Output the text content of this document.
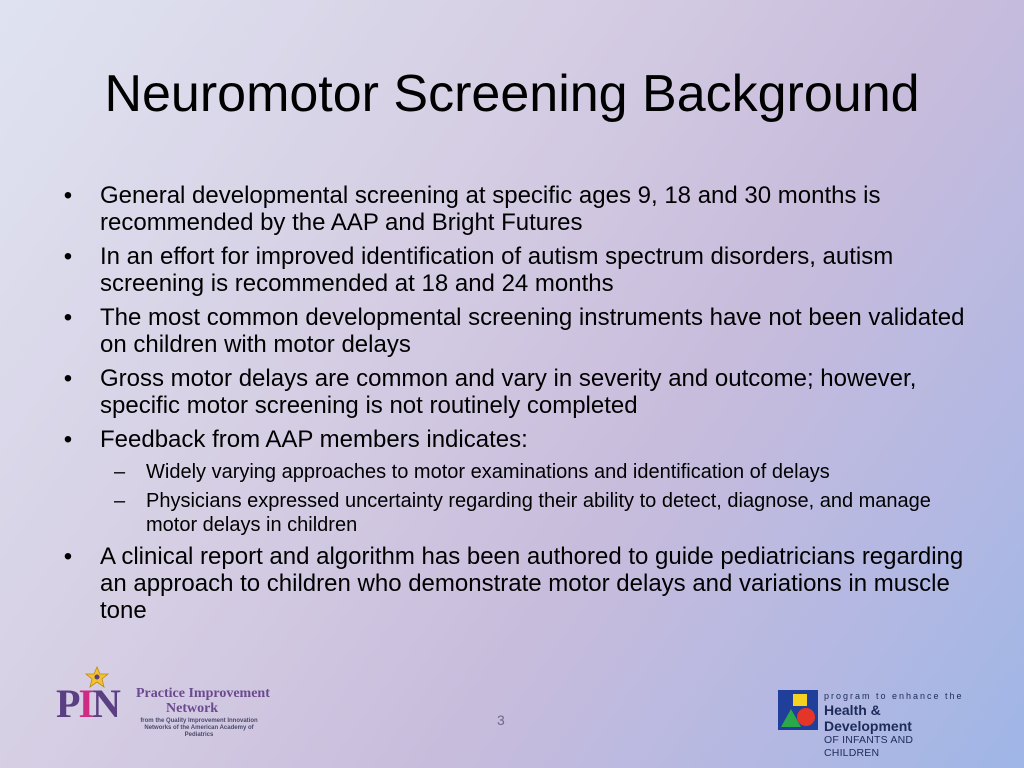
Neuromotor Screening Background
• General developmental screening at specific ages 9, 18 and 30 months is recommended by the AAP and Bright Futures
• In an effort for improved identification of autism spectrum disorders, autism screening is recommended at 18 and 24 months
• The most common developmental screening instruments have not been validated on children with motor delays
• Gross motor delays are common and vary in severity and outcome; however, specific motor screening is not routinely completed
• Feedback from AAP members indicates:
– Widely varying approaches to motor examinations and identification of delays
– Physicians expressed uncertainty regarding their ability to detect, diagnose, and manage motor delays in children
• A clinical report and algorithm has been authored to guide pediatricians regarding an approach to children who demonstrate motor delays and variations in muscle tone
3
PIN Practice Improvement
Network
from the Quality Improvement Innovation Networks of the American Academy of Pediatrics
program to enhance the
Health & Development
OF INFANTS AND CHILDREN
